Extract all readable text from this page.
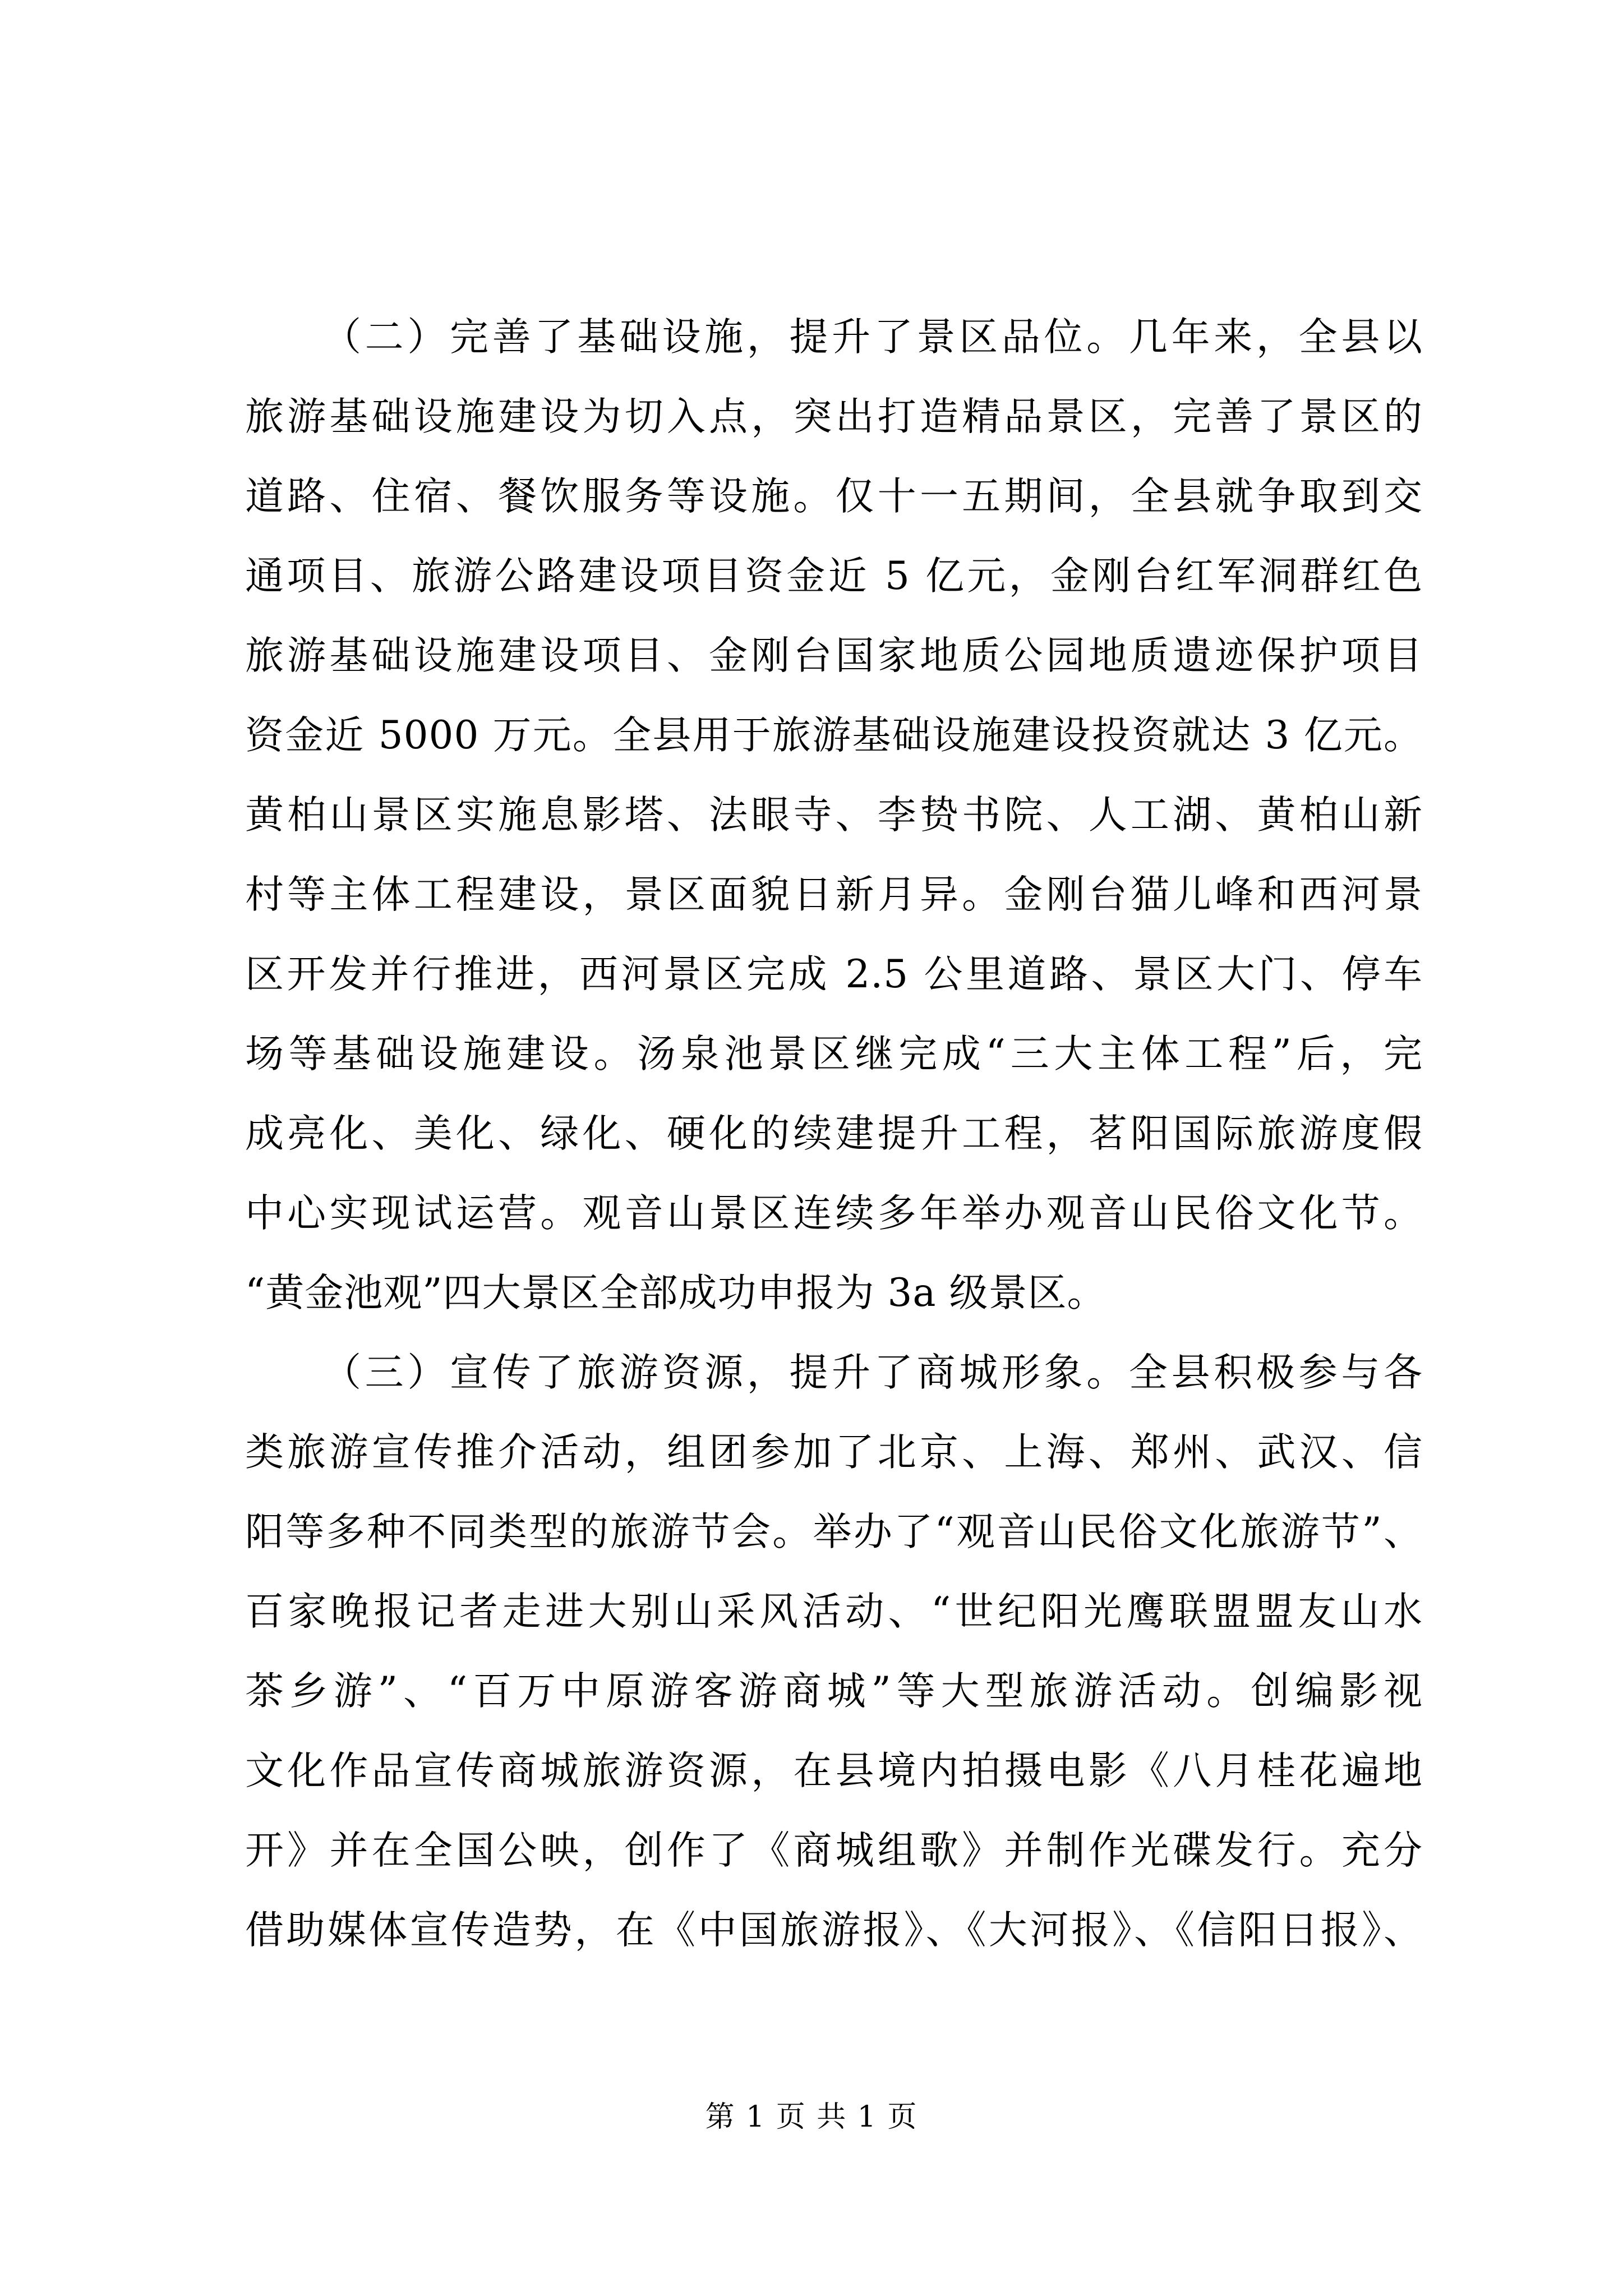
（二）完善了基础设施，提升了景区品位。几年来，全县以
旅游基础设施建设为切入点，突出打造精品景区，完善了景区的
道路、住宿、餐饮服务等设施。仅十一五期间，全县就争取到交
通项目、旅游公路建设项目资金近 5 亿元，金刚台红军洞群红色
旅游基础设施建设项目、金刚台国家地质公园地质遗迹保护项目
资金近 5000 万元。全县用于旅游基础设施建设投资就达 3 亿元。
黄柏山景区实施息影塔、法眼寺、李贽书院、人工湖、黄柏山新
村等主体工程建设，景区面貌日新月异。金刚台猫儿峰和西河景
区开发并行推进，西河景区完成 2.5 公里道路、景区大门、停车
场等基础设施建设。汤泉池景区继完成“三大主体工程”后，完
成亮化、美化、绿化、硬化的续建提升工程，茗阳国际旅游度假
中心实现试运营。观音山景区连续多年举办观音山民俗文化节。
“黄金池观”四大景区全部成功申报为 3a 级景区。
（三）宣传了旅游资源，提升了商城形象。全县积极参与各
类旅游宣传推介活动，组团参加了北京、上海、郑州、武汉、信
阳等多种不同类型的旅游节会。举办了“观音山民俗文化旅游节”、
百家晚报记者走进大别山采风活动、“世纪阳光鹰联盟盟友山水
茶乡游”、“百万中原游客游商城”等大型旅游活动。创编影视
文化作品宣传商城旅游资源，在县境内拍摄电影《八月桂花遍地
开》并在全国公映，创作了《商城组歌》并制作光碟发行。充分
借助媒体宣传造势，在《中国旅游报》、《大河报》、《信阳日报》、
第 1 页 共 1 页
